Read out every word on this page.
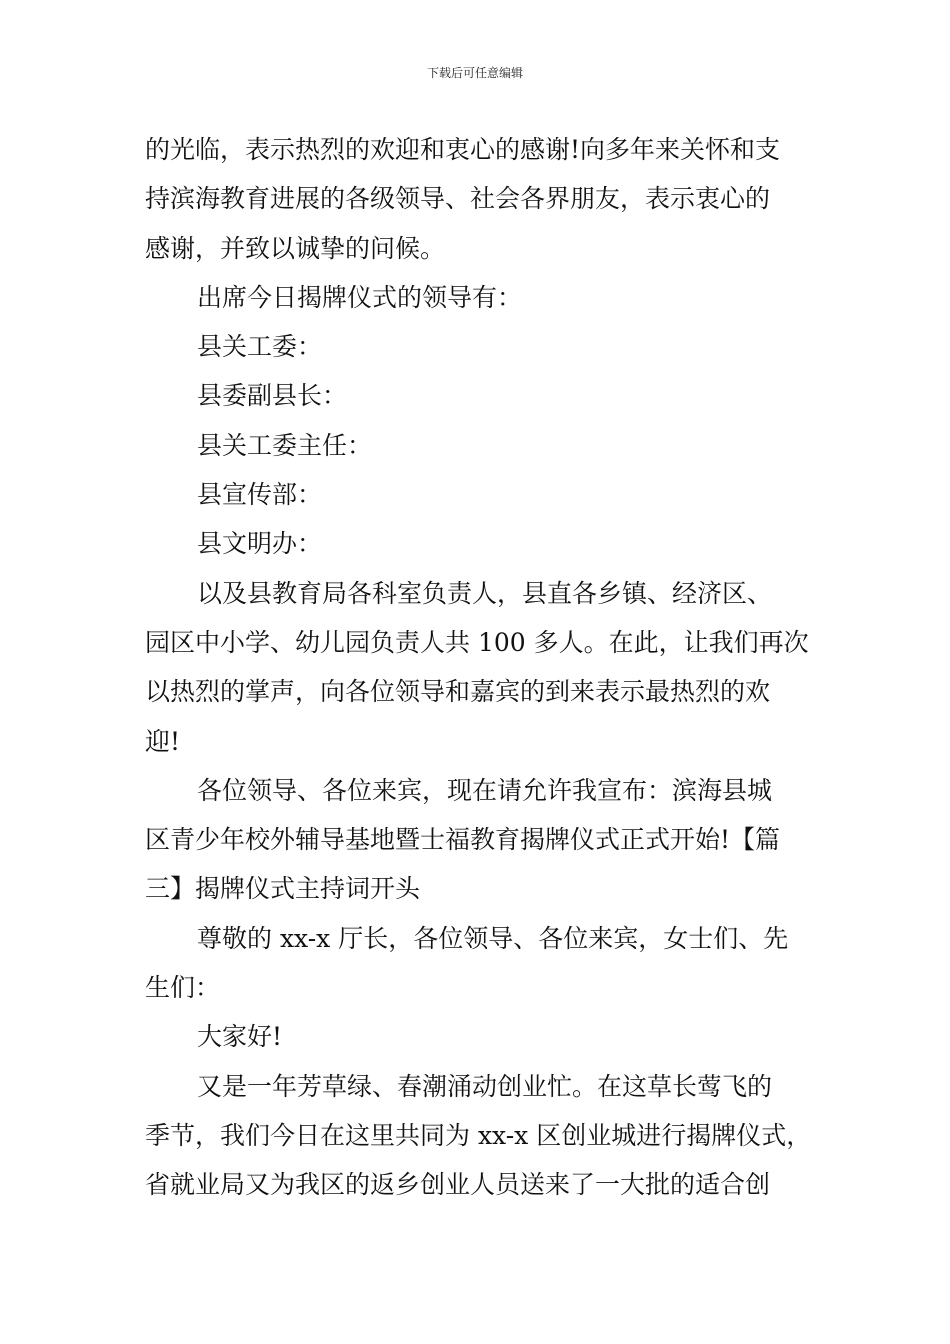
下载后可任意编辑
的光临，表示热烈的欢迎和衷心的感谢!向多年来关怀和支
持滨海教育进展的各级领导、社会各界朋友，表示衷心的
感谢，并致以诚挚的问候。
出席今日揭牌仪式的领导有：
县关工委：
县委副县长：
县关工委主任：
县宣传部：
县文明办：
以及县教育局各科室负责人，县直各乡镇、经济区、
园区中小学、幼儿园负责人共 100 多人。在此，让我们再次
以热烈的掌声，向各位领导和嘉宾的到来表示最热烈的欢
迎!
各位领导、各位来宾，现在请允许我宣布：滨海县城
区青少年校外辅导基地暨士福教育揭牌仪式正式开始!【篇
三】揭牌仪式主持词开头
尊敬的 xx-x 厅长，各位领导、各位来宾，女士们、先
生们：
大家好!
又是一年芳草绿、春潮涌动创业忙。在这草长莺飞的
季节，我们今日在这里共同为 xx-x 区创业城进行揭牌仪式，
省就业局又为我区的返乡创业人员送来了一大批的适合创
